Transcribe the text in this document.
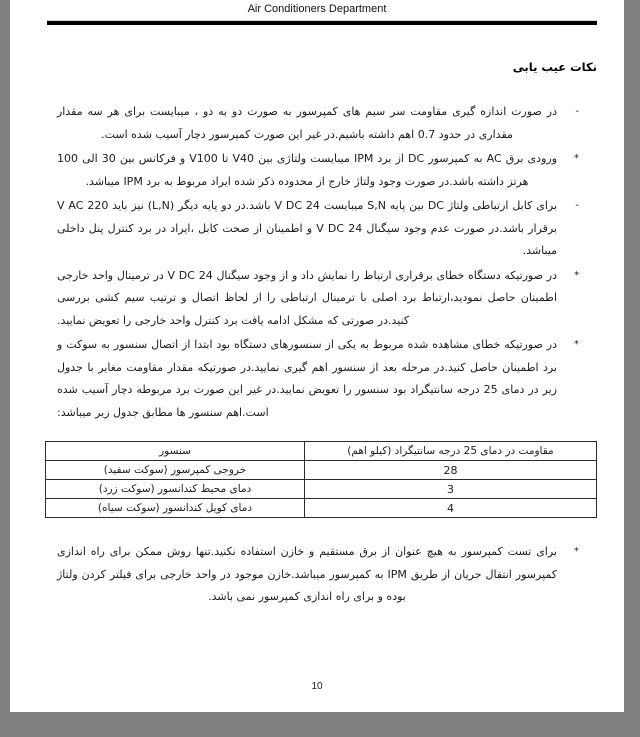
Air Conditioners Department
نکات عیب یابی
-
در صورت اندازه گیری مقاومت سر سیم های کمپرسور به صورت دو به دو ، میبایست برای هر سه مقدار مقداری در حدود 0.7 اهم داشته باشیم.در غیر این صورت کمپرسور دچار آسیب شده است.
*
ورودی برق AC به کمپرسور DC از برد IPM میبایست ولتاژی بین V40 تا V100 و فرکانس بین 30 الی 100 هرتز داشته باشد.در صورت وجود ولتاژ خارج از محدوده ذکر شده ایراد مربوط به برد IPM میباشد.
-
برای کابل ارتباطی ولتاژ DC بین پایه S,N میبایست V DC 24 باشد.در دو پایه دیگر (L,N) نیز باید V AC 220 برقرار باشد.در صورت عدم وجود سیگنال 24 V DC و اطمینان از صحت کابل ،ایراد در برد کنترل پنل داخلی میباشد.
*
در صورتیکه دستگاه خطای برقراری ارتباط را نمایش داد و از وجود سیگنال 24 V DC در ترمینال واحد خارجی اطمینان حاصل نمودید،ارتباط برد اصلی با ترمینال ارتباطی را از لحاظ اتصال و ترتیب سیم کشی بررسی کنید.در صورتی که مشکل ادامه یافت برد کنترل واحد خارجی را تعویض نمایید.
*
در صورتیکه خطای مشاهده شده مربوط به یکی از سنسورهای دستگاه بود ابتدا از اتصال سنسور به سوکت و برد اطمینان حاصل کنید.در مرحله بعد از سنسور اهم گیری نمایید.در صورتیکه مقدار مقاومت مغایر با جدول زیر در دمای 25 درجه سانتیگراد بود سنسور را تعویض نمایید.در غیر این صورت برد مربوطه دچار آسیب شده است.اهم سنسور ها مطابق جدول زیر میباشد:
مقاومت در دمای 25 درجه سانتیگراد (کیلو اهم)	سنسور
28	خروجی کمپرسور (سوکت سفید)
3	دمای محیط کندانسور (سوکت زرد)
4	دمای کویل کندانسور (سوکت سیاه)
*
برای تست کمپرسور به هیچ عنوان از برق مستقیم و خازن استفاده نکنید.تنها روش ممکن برای راه اندازی کمپرسور انتقال جریان از طریق IPM به کمپرسور میباشد.خازن موجود در واحد خارجی برای فیلتر کردن ولتاژ بوده و برای راه اندازی کمپرسور نمی باشد.
10
